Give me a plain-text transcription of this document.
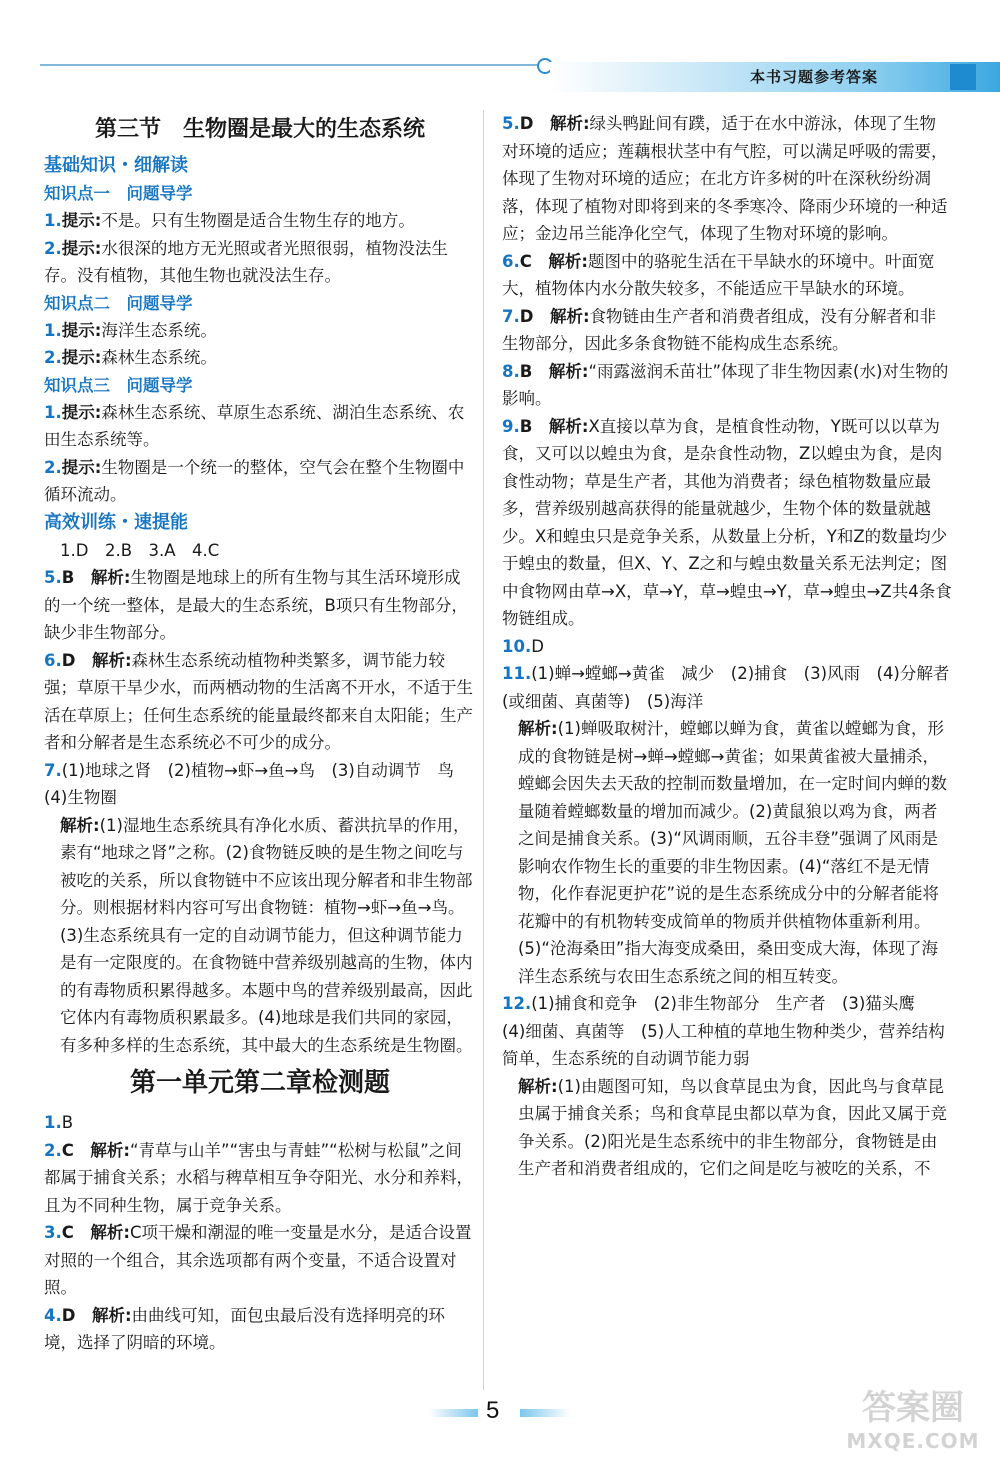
本书习题参考答案
第三节　生物圈是最大的生态系统
基础知识・细解读
知识点一　问题导学
1.提示:不是。只有生物圈是适合生物生存的地方。
2.提示:水很深的地方无光照或者光照很弱，植物没法生存。没有植物，其他生物也就没法生存。
知识点二　问题导学
1.提示:海洋生态系统。
2.提示:森林生态系统。
知识点三　问题导学
1.提示:森林生态系统、草原生态系统、湖泊生态系统、农田生态系统等。
2.提示:生物圈是一个统一的整体，空气会在整个生物圈中循环流动。
高效训练・速提能
1.D　2.B　3.A　4.C
5.B　解析:生物圈是地球上的所有生物与其生活环境形成的一个统一整体，是最大的生态系统，B项只有生物部分，缺少非生物部分。
6.D　解析:森林生态系统动植物种类繁多，调节能力较强；草原干旱少水，而两栖动物的生活离不开水，不适于生活在草原上；任何生态系统的能量最终都来自太阳能；生产者和分解者是生态系统必不可少的成分。
7.(1)地球之肾　(2)植物→虾→鱼→鸟　(3)自动调节　鸟　(4)生物圈
解析:(1)湿地生态系统具有净化水质、蓄洪抗旱的作用，素有“地球之肾”之称。(2)食物链反映的是生物之间吃与被吃的关系，所以食物链中不应该出现分解者和非生物部分。则根据材料内容可写出食物链：植物→虾→鱼→鸟。(3)生态系统具有一定的自动调节能力，但这种调节能力是有一定限度的。在食物链中营养级别越高的生物，体内的有毒物质积累得越多。本题中鸟的营养级别最高，因此它体内有毒物质积累最多。(4)地球是我们共同的家园，有多种多样的生态系统，其中最大的生态系统是生物圈。
第一单元第二章检测题
1.B
2.C　解析:“青草与山羊”“害虫与青蛙”“松树与松鼠”之间都属于捕食关系；水稻与稗草相互争夺阳光、水分和养料，且为不同种生物，属于竞争关系。
3.C　解析:C项干燥和潮湿的唯一变量是水分，是适合设置对照的一个组合，其余选项都有两个变量，不适合设置对照。
4.D　解析:由曲线可知，面包虫最后没有选择明亮的环境，选择了阴暗的环境。
5.D　解析:绿头鸭趾间有蹼，适于在水中游泳，体现了生物对环境的适应；莲藕根状茎中有气腔，可以满足呼吸的需要，体现了生物对环境的适应；在北方许多树的叶在深秋纷纷凋落，体现了植物对即将到来的冬季寒冷、降雨少环境的一种适应；金边吊兰能净化空气，体现了生物对环境的影响。
6.C　解析:题图中的骆驼生活在干旱缺水的环境中。叶面宽大，植物体内水分散失较多，不能适应干旱缺水的环境。
7.D　解析:食物链由生产者和消费者组成，没有分解者和非生物部分，因此多条食物链不能构成生态系统。
8.B　解析:“雨露滋润禾苗壮”体现了非生物因素(水)对生物的影响。
9.B　解析:X直接以草为食，是植食性动物，Y既可以以草为食，又可以以蝗虫为食，是杂食性动物，Z以蝗虫为食，是肉食性动物；草是生产者，其他为消费者；绿色植物数量应最多，营养级别越高获得的能量就越少，生物个体的数量就越少。X和蝗虫只是竞争关系，从数量上分析，Y和Z的数量均少于蝗虫的数量，但X、Y、Z之和与蝗虫数量关系无法判定；图中食物网由草→X，草→Y，草→蝗虫→Y，草→蝗虫→Z共4条食物链组成。
10.D
11.(1)蝉→螳螂→黄雀　减少　(2)捕食　(3)风雨　(4)分解者(或细菌、真菌等)　(5)海洋
解析:(1)蝉吸取树汁，螳螂以蝉为食，黄雀以螳螂为食，形成的食物链是树→蝉→螳螂→黄雀；如果黄雀被大量捕杀，螳螂会因失去天敌的控制而数量增加，在一定时间内蝉的数量随着螳螂数量的增加而减少。(2)黄鼠狼以鸡为食，两者之间是捕食关系。(3)“风调雨顺，五谷丰登”强调了风雨是影响农作物生长的重要的非生物因素。(4)“落红不是无情物，化作春泥更护花”说的是生态系统成分中的分解者能将花瓣中的有机物转变成简单的物质并供植物体重新利用。(5)“沧海桑田”指大海变成桑田，桑田变成大海，体现了海洋生态系统与农田生态系统之间的相互转变。
12.(1)捕食和竞争　(2)非生物部分　生产者　(3)猫头鹰　(4)细菌、真菌等　(5)人工种植的草地生物种类少，营养结构简单，生态系统的自动调节能力弱
解析:(1)由题图可知，鸟以食草昆虫为食，因此鸟与食草昆虫属于捕食关系；鸟和食草昆虫都以草为食，因此又属于竞争关系。(2)阳光是生态系统中的非生物部分，食物链是由生产者和消费者组成的，它们之间是吃与被吃的关系，不
5	答案圈
MXQE.COM
